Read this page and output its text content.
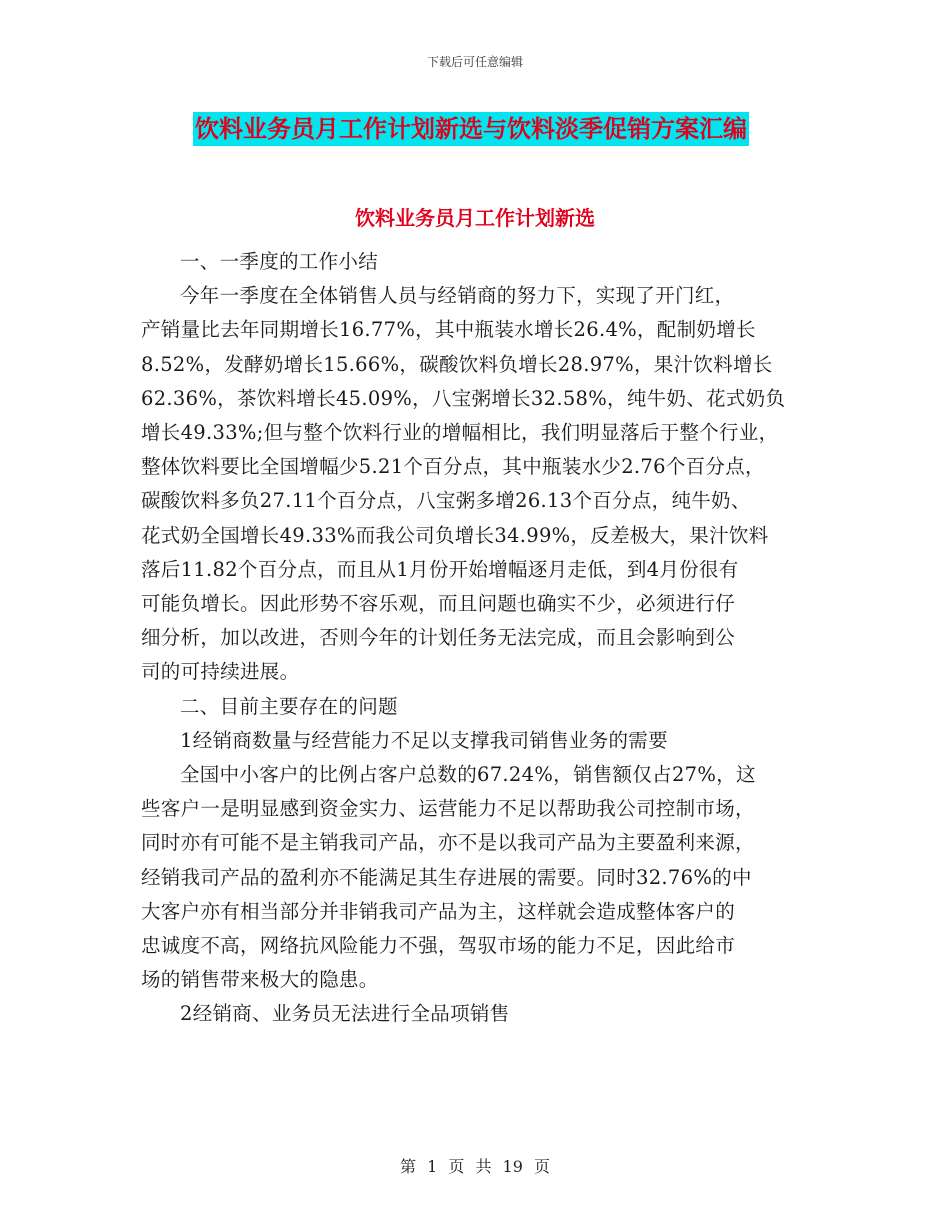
下载后可任意编辑
饮料业务员月工作计划新选与饮料淡季促销方案汇编
饮料业务员月工作计划新选

一、一季度的工作小结

今年一季度在全体销售人员与经销商的努力下，实现了开门红，

产销量比去年同期增长16.77%，其中瓶装水增长26.4%，配制奶增长

8.52%，发酵奶增长15.66%，碳酸饮料负增长28.97%，果汁饮料增长

62.36%，茶饮料增长45.09%，八宝粥增长32.58%，纯牛奶、花式奶负

增长49.33%;但与整个饮料行业的增幅相比，我们明显落后于整个行业，

整体饮料要比全国增幅少5.21个百分点，其中瓶装水少2.76个百分点，

碳酸饮料多负27.11个百分点，八宝粥多增26.13个百分点，纯牛奶、

花式奶全国增长49.33%而我公司负增长34.99%，反差极大，果汁饮料

落后11.82个百分点，而且从1月份开始增幅逐月走低，到4月份很有

可能负增长。因此形势不容乐观，而且问题也确实不少，必须进行仔

细分析，加以改进，否则今年的计划任务无法完成，而且会影响到公

司的可持续进展。

二、目前主要存在的问题

1经销商数量与经营能力不足以支撑我司销售业务的需要

全国中小客户的比例占客户总数的67.24%，销售额仅占27%，这

些客户一是明显感到资金实力、运营能力不足以帮助我公司控制市场，

同时亦有可能不是主销我司产品，亦不是以我司产品为主要盈利来源，

经销我司产品的盈利亦不能满足其生存进展的需要。同时32.76%的中

大客户亦有相当部分并非销我司产品为主，这样就会造成整体客户的

忠诚度不高，网络抗风险能力不强，驾驭市场的能力不足，因此给市

场的销售带来极大的隐患。

2经销商、业务员无法进行全品项销售

第 1 页 共 19 页
